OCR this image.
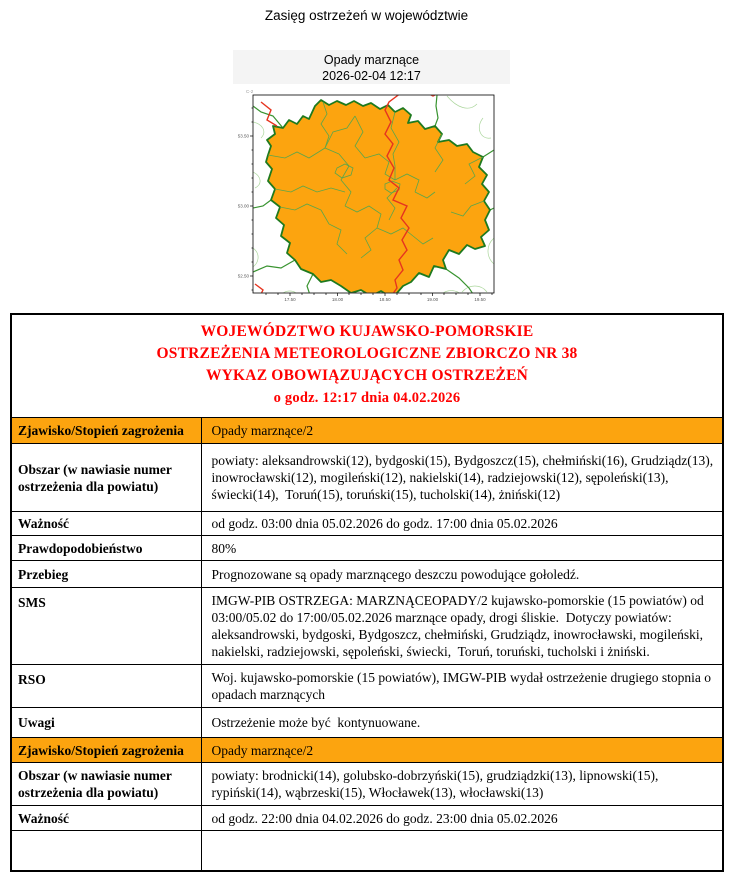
Zasięg ostrzeżeń w województwie
Opady marznące
2026-02-04 12:17
C-2
53.50
53.00
52.50
17.50	18.00	18.50	19.00	19.50
WOJEWÓDZTWO KUJAWSKO-POMORSKIE
OSTRZEŻENIA METEOROLOGICZNE ZBIORCZO NR 38
WYKAZ OBOWIĄZUJĄCYCH OSTRZEŻEŃ
o godz. 12:17 dnia 04.02.2026	

Zjawisko/Stopień zagrożenia	Opady marznące/2
Obszar (w nawiasie numer ostrzeżenia dla powiatu)	powiaty: aleksandrowski(12), bydgoski(15), Bydgoszcz(15), chełmiński(16), Grudziądz(13), inowrocławski(12), mogileński(12), nakielski(14), radziejowski(12), sępoleński(13), świecki(14),  Toruń(15), toruński(15), tucholski(14), żniński(12)
Ważność	od godz. 03:00 dnia 05.02.2026 do godz. 17:00 dnia 05.02.2026
Prawdopodobieństwo	80%
Przebieg	Prognozowane są opady marznącego deszczu powodujące gołoledź.
SMS	IMGW-PIB OSTRZEGA: MARZNĄCEOPADY/2 kujawsko-pomorskie (15 powiatów) od 03:00/05.02 do 17:00/05.02.2026 marznące opady, drogi śliskie.  Dotyczy powiatów: aleksandrowski, bydgoski, Bydgoszcz, chełmiński, Grudziądz, inowrocławski, mogileński, nakielski, radziejowski, sępoleński, świecki,  Toruń, toruński, tucholski i żniński.
RSO	Woj. kujawsko-pomorskie (15 powiatów), IMGW-PIB wydał ostrzeżenie drugiego stopnia o opadach marznących
Uwagi	Ostrzeżenie może być  kontynuowane.
Zjawisko/Stopień zagrożenia	Opady marznące/2
Obszar (w nawiasie numer ostrzeżenia dla powiatu)	powiaty: brodnicki(14), golubsko-dobrzyński(15), grudziądzki(13), lipnowski(15), rypiński(14), wąbrzeski(15), Włocławek(13), włocławski(13)
Ważność	od godz. 22:00 dnia 04.02.2026 do godz. 23:00 dnia 05.02.2026
